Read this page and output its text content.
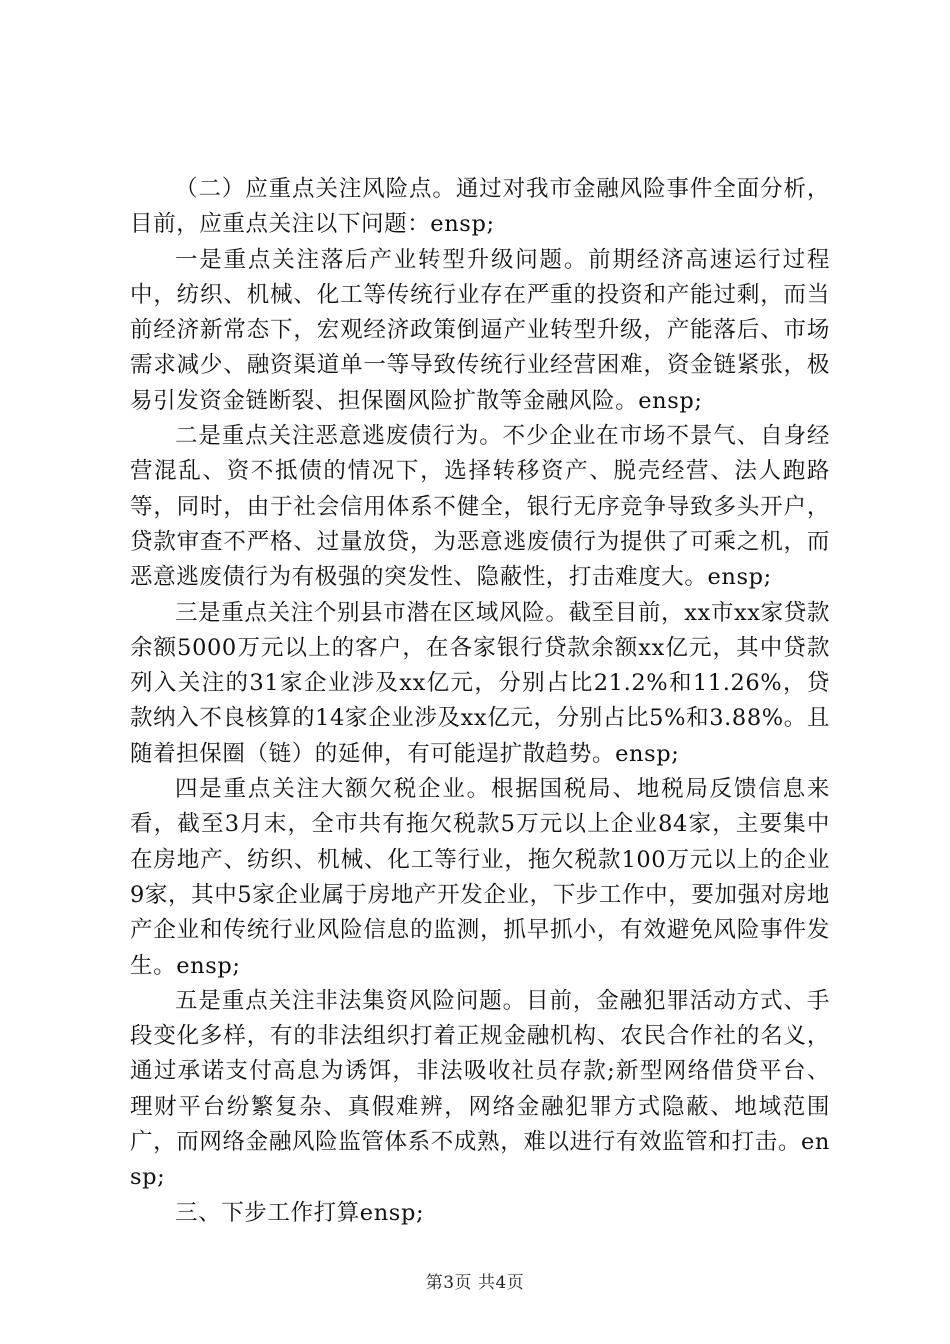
（二）应重点关注风险点。通过对我市金融风险事件全面分析，目前，应重点关注以下问题：ensp;

一是重点关注落后产业转型升级问题。前期经济高速运行过程中，纺织、机械、化工等传统行业存在严重的投资和产能过剩，而当前经济新常态下，宏观经济政策倒逼产业转型升级，产能落后、市场需求减少、融资渠道单一等导致传统行业经营困难，资金链紧张，极易引发资金链断裂、担保圈风险扩散等金融风险。ensp;

二是重点关注恶意逃废债行为。不少企业在市场不景气、自身经营混乱、资不抵债的情况下，选择转移资产、脱壳经营、法人跑路等，同时，由于社会信用体系不健全，银行无序竞争导致多头开户，贷款审查不严格、过量放贷，为恶意逃废债行为提供了可乘之机，而恶意逃废债行为有极强的突发性、隐蔽性，打击难度大。ensp;

三是重点关注个别县市潜在区域风险。截至目前，xx市xx家贷款余额5000万元以上的客户，在各家银行贷款余额xx亿元，其中贷款列入关注的31家企业涉及xx亿元，分别占比21.2%和11.26%，贷款纳入不良核算的14家企业涉及xx亿元，分别占比5%和3.88%。且随着担保圈（链）的延伸，有可能逞扩散趋势。ensp;

四是重点关注大额欠税企业。根据国税局、地税局反馈信息来看，截至3月末，全市共有拖欠税款5万元以上企业84家，主要集中在房地产、纺织、机械、化工等行业，拖欠税款100万元以上的企业9家，其中5家企业属于房地产开发企业，下步工作中，要加强对房地产企业和传统行业风险信息的监测，抓早抓小，有效避免风险事件发生。ensp;

五是重点关注非法集资风险问题。目前，金融犯罪活动方式、手段变化多样，有的非法组织打着正规金融机构、农民合作社的名义，通过承诺支付高息为诱饵，非法吸收社员存款;新型网络借贷平台、理财平台纷繁复杂、真假难辨，网络金融犯罪方式隐蔽、地域范围广，而网络金融风险监管体系不成熟，难以进行有效监管和打击。ensp;

三、下步工作打算ensp;

第3页 共4页
